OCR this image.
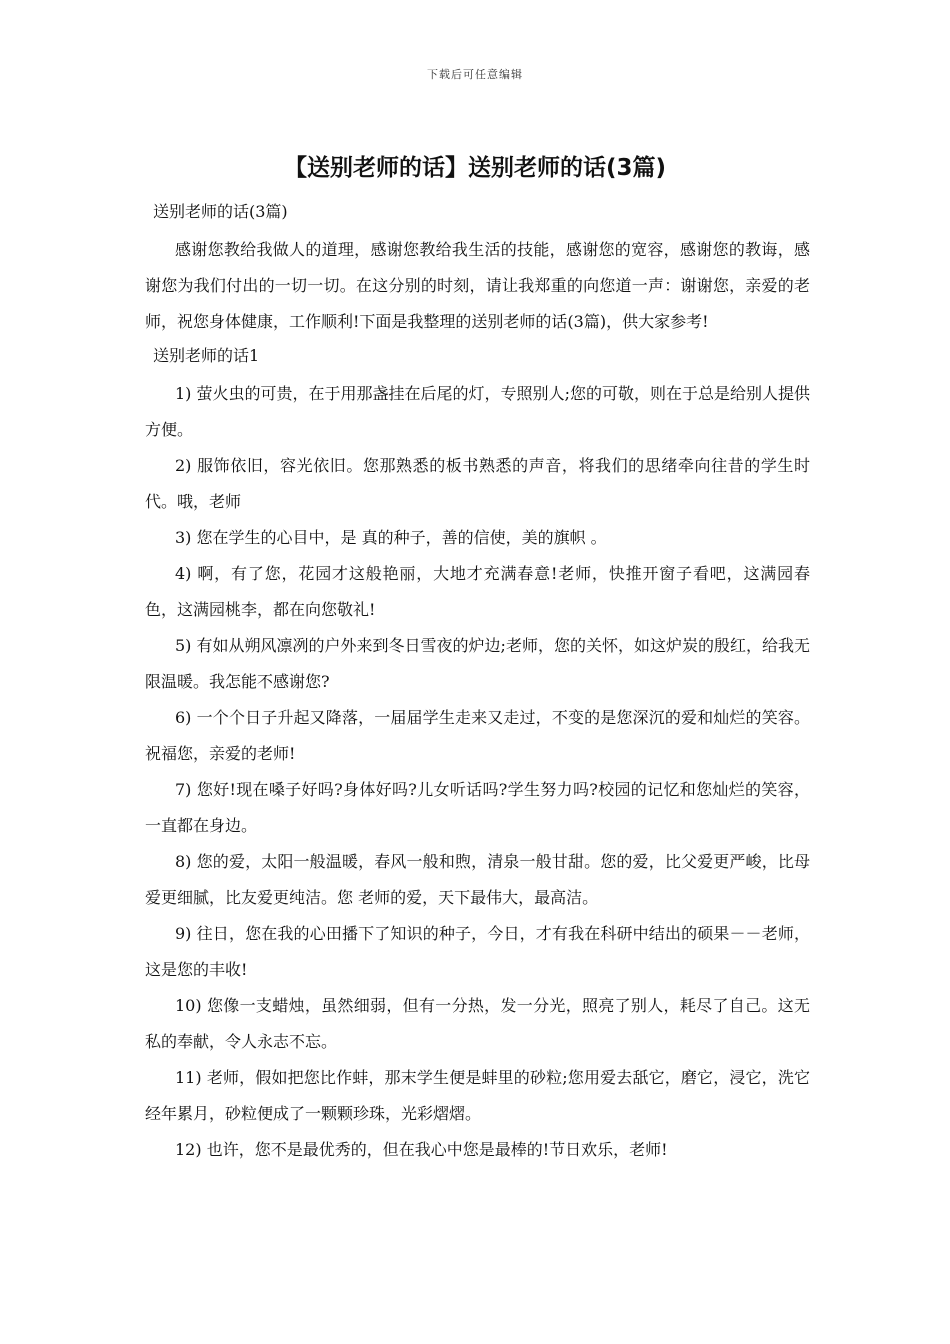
下载后可任意编辑
【送别老师的话】送别老师的话(3篇)

送别老师的话(3篇)

感谢您教给我做人的道理，感谢您教给我生活的技能，感谢您的宽容，感谢您的教诲，感谢您为我们付出的一切一切。在这分别的时刻，请让我郑重的向您道一声：谢谢您，亲爱的老师，祝您身体健康，工作顺利!下面是我整理的送别老师的话(3篇)，供大家参考!

送别老师的话1

1) 萤火虫的可贵，在于用那盏挂在后尾的灯，专照别人;您的可敬，则在于总是给别人提供方便。

2) 服饰依旧，容光依旧。您那熟悉的板书熟悉的声音，将我们的思绪牵向往昔的学生时代。哦，老师

3) 您在学生的心目中，是 真的种子，善的信使，美的旗帜 。

4) 啊，有了您，花园才这般艳丽，大地才充满春意!老师，快推开窗子看吧，这满园春色，这满园桃李，都在向您敬礼!

5) 有如从朔风凛冽的户外来到冬日雪夜的炉边;老师，您的关怀，如这炉炭的殷红，给我无限温暖。我怎能不感谢您?

6) 一个个日子升起又降落，一届届学生走来又走过，不变的是您深沉的爱和灿烂的笑容。祝福您，亲爱的老师!

7) 您好!现在嗓子好吗?身体好吗?儿女听话吗?学生努力吗?校园的记忆和您灿烂的笑容，一直都在身边。

8) 您的爱，太阳一般温暖，春风一般和煦，清泉一般甘甜。您的爱，比父爱更严峻，比母爱更细腻，比友爱更纯洁。您 老师的爱，天下最伟大，最高洁。

9) 往日，您在我的心田播下了知识的种子，今日，才有我在科研中结出的硕果－－老师，这是您的丰收!

10) 您像一支蜡烛，虽然细弱，但有一分热，发一分光，照亮了别人，耗尽了自己。这无私的奉献，令人永志不忘。

11) 老师，假如把您比作蚌，那末学生便是蚌里的砂粒;您用爱去舐它，磨它，浸它，洗它 经年累月，砂粒便成了一颗颗珍珠，光彩熠熠。

12) 也许，您不是最优秀的，但在我心中您是最棒的!节日欢乐，老师!
